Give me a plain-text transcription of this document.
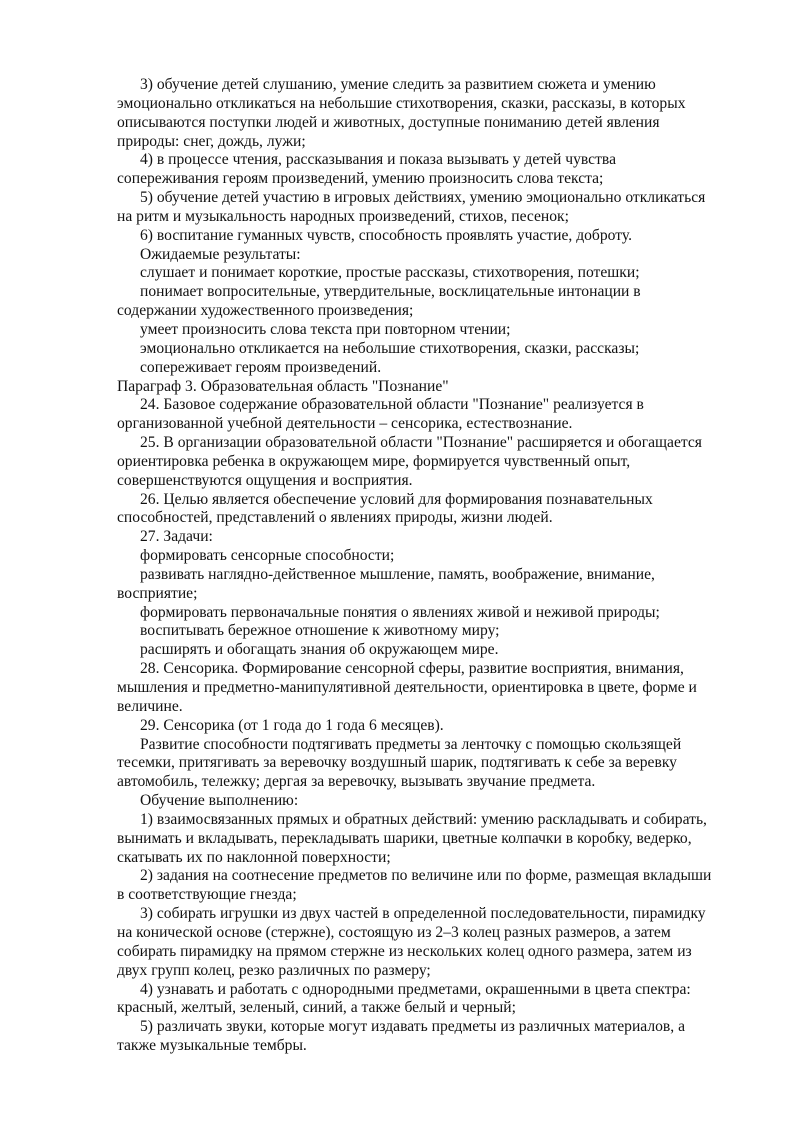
3) обучение детей слушанию, умение следить за развитием сюжета и умению эмоционально откликаться на небольшие стихотворения, сказки, рассказы, в которых описываются поступки людей и животных, доступные пониманию детей явления природы: снег, дождь, лужи;

4) в процессе чтения, рассказывания и показа вызывать у детей чувства сопереживания героям произведений, умению произносить слова текста;

5) обучение детей участию в игровых действиях, умению эмоционально откликаться на ритм и музыкальность народных произведений, стихов, песенок;

6) воспитание гуманных чувств, способность проявлять участие, доброту.

Ожидаемые результаты:

слушает и понимает короткие, простые рассказы, стихотворения, потешки;

понимает вопросительные, утвердительные, восклицательные интонации в содержании художественного произведения;

умеет произносить слова текста при повторном чтении;

эмоционально откликается на небольшие стихотворения, сказки, рассказы;

сопереживает героям произведений.

Параграф 3. Образовательная область "Познание"

24. Базовое содержание образовательной области "Познание" реализуется в организованной учебной деятельности – сенсорика, естествознание.

25. В организации образовательной области "Познание" расширяется и обогащается ориентировка ребенка в окружающем мире, формируется чувственный опыт, совершенствуются ощущения и восприятия.

26. Целью является обеспечение условий для формирования познавательных способностей, представлений о явлениях природы, жизни людей.

27. Задачи:

формировать сенсорные способности;

развивать наглядно-действенное мышление, память, воображение, внимание, восприятие;

формировать первоначальные понятия о явлениях живой и неживой природы;

воспитывать бережное отношение к животному миру;

расширять и обогащать знания об окружающем мире.

28. Сенсорика. Формирование сенсорной сферы, развитие восприятия, внимания, мышления и предметно-манипулятивной деятельности, ориентировка в цвете, форме и величине.

29. Сенсорика (от 1 года до 1 года 6 месяцев).

Развитие способности подтягивать предметы за ленточку с помощью скользящей тесемки, притягивать за веревочку воздушный шарик, подтягивать к себе за веревку автомобиль, тележку; дергая за веревочку, вызывать звучание предмета.

Обучение выполнению:

1) взаимосвязанных прямых и обратных действий: умению раскладывать и собирать, вынимать и вкладывать, перекладывать шарики, цветные колпачки в коробку, ведерко, скатывать их по наклонной поверхности;

2) задания на соотнесение предметов по величине или по форме, размещая вкладыши в соответствующие гнезда;

3) собирать игрушки из двух частей в определенной последовательности, пирамидку на конической основе (стержне), состоящую из 2–3 колец разных размеров, а затем собирать пирамидку на прямом стержне из нескольких колец одного размера, затем из двух групп колец, резко различных по размеру;

4) узнавать и работать с однородными предметами, окрашенными в цвета спектра: красный, желтый, зеленый, синий, а также белый и черный;

5) различать звуки, которые могут издавать предметы из различных материалов, а также музыкальные тембры.
